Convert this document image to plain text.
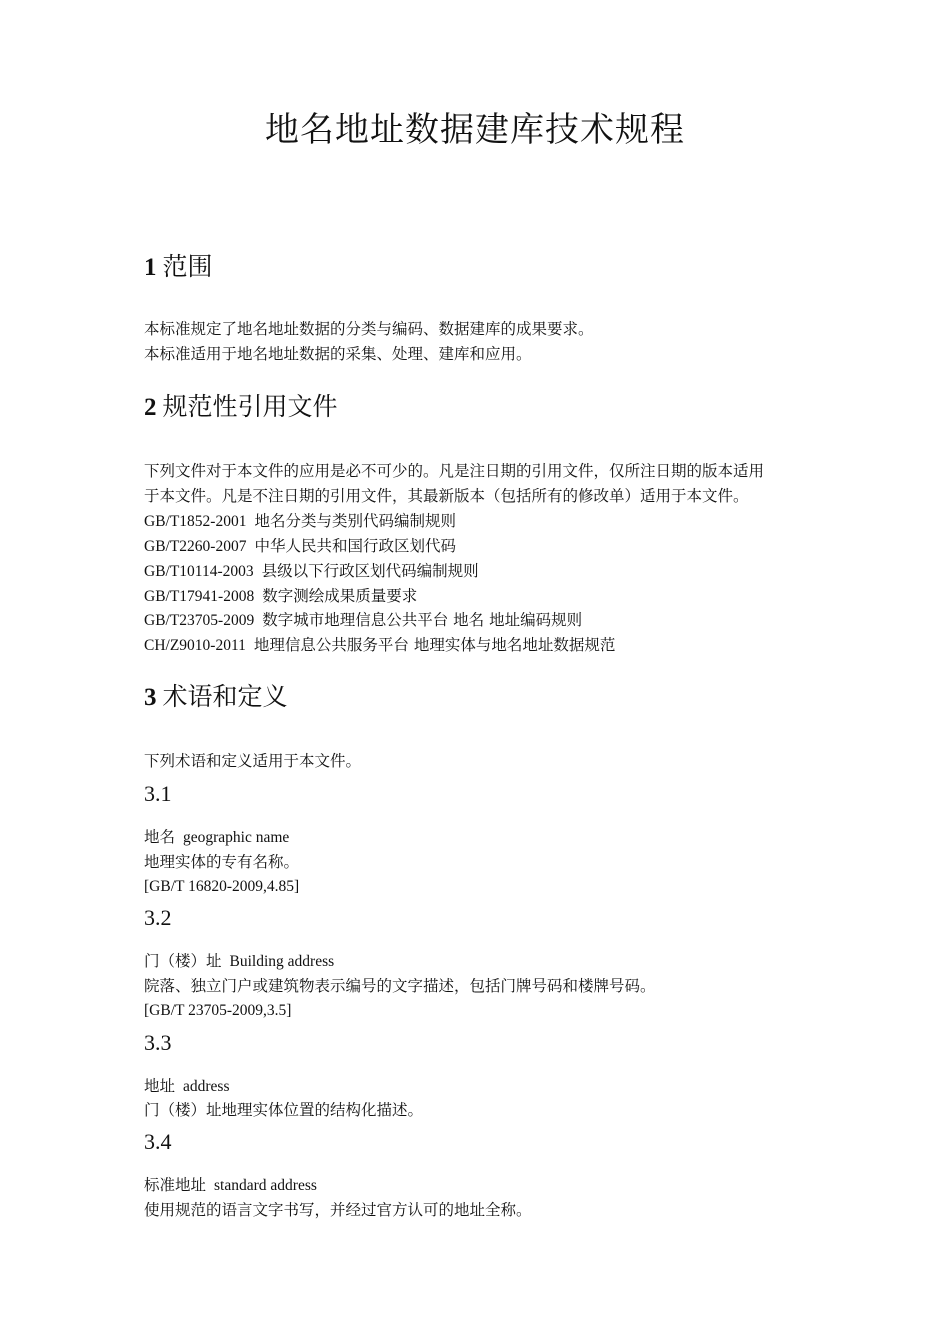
地名地址数据建库技术规程
1 范围
本标准规定了地名地址数据的分类与编码、数据建库的成果要求。
本标准适用于地名地址数据的采集、处理、建库和应用。
2 规范性引用文件
下列文件对于本文件的应用是必不可少的。凡是注日期的引用文件，仅所注日期的版本适用
于本文件。凡是不注日期的引用文件，其最新版本（包括所有的修改单）适用于本文件。
GB/T1852-2001 地名分类与类别代码编制规则
GB/T2260-2007 中华人民共和国行政区划代码
GB/T10114-2003 县级以下行政区划代码编制规则
GB/T17941-2008 数字测绘成果质量要求
GB/T23705-2009 数字城市地理信息公共平台 地名 地址编码规则
CH/Z9010-2011 地理信息公共服务平台 地理实体与地名地址数据规范
3 术语和定义
下列术语和定义适用于本文件。
3.1
地名 geographic name
地理实体的专有名称。
[GB/T 16820-2009,4.85]
3.2
门（楼）址 Building address
院落、独立门户或建筑物表示编号的文字描述，包括门牌号码和楼牌号码。
[GB/T 23705-2009,3.5]
3.3
地址 address
门（楼）址地理实体位置的结构化描述。
3.4
标准地址 standard address
使用规范的语言文字书写，并经过官方认可的地址全称。
